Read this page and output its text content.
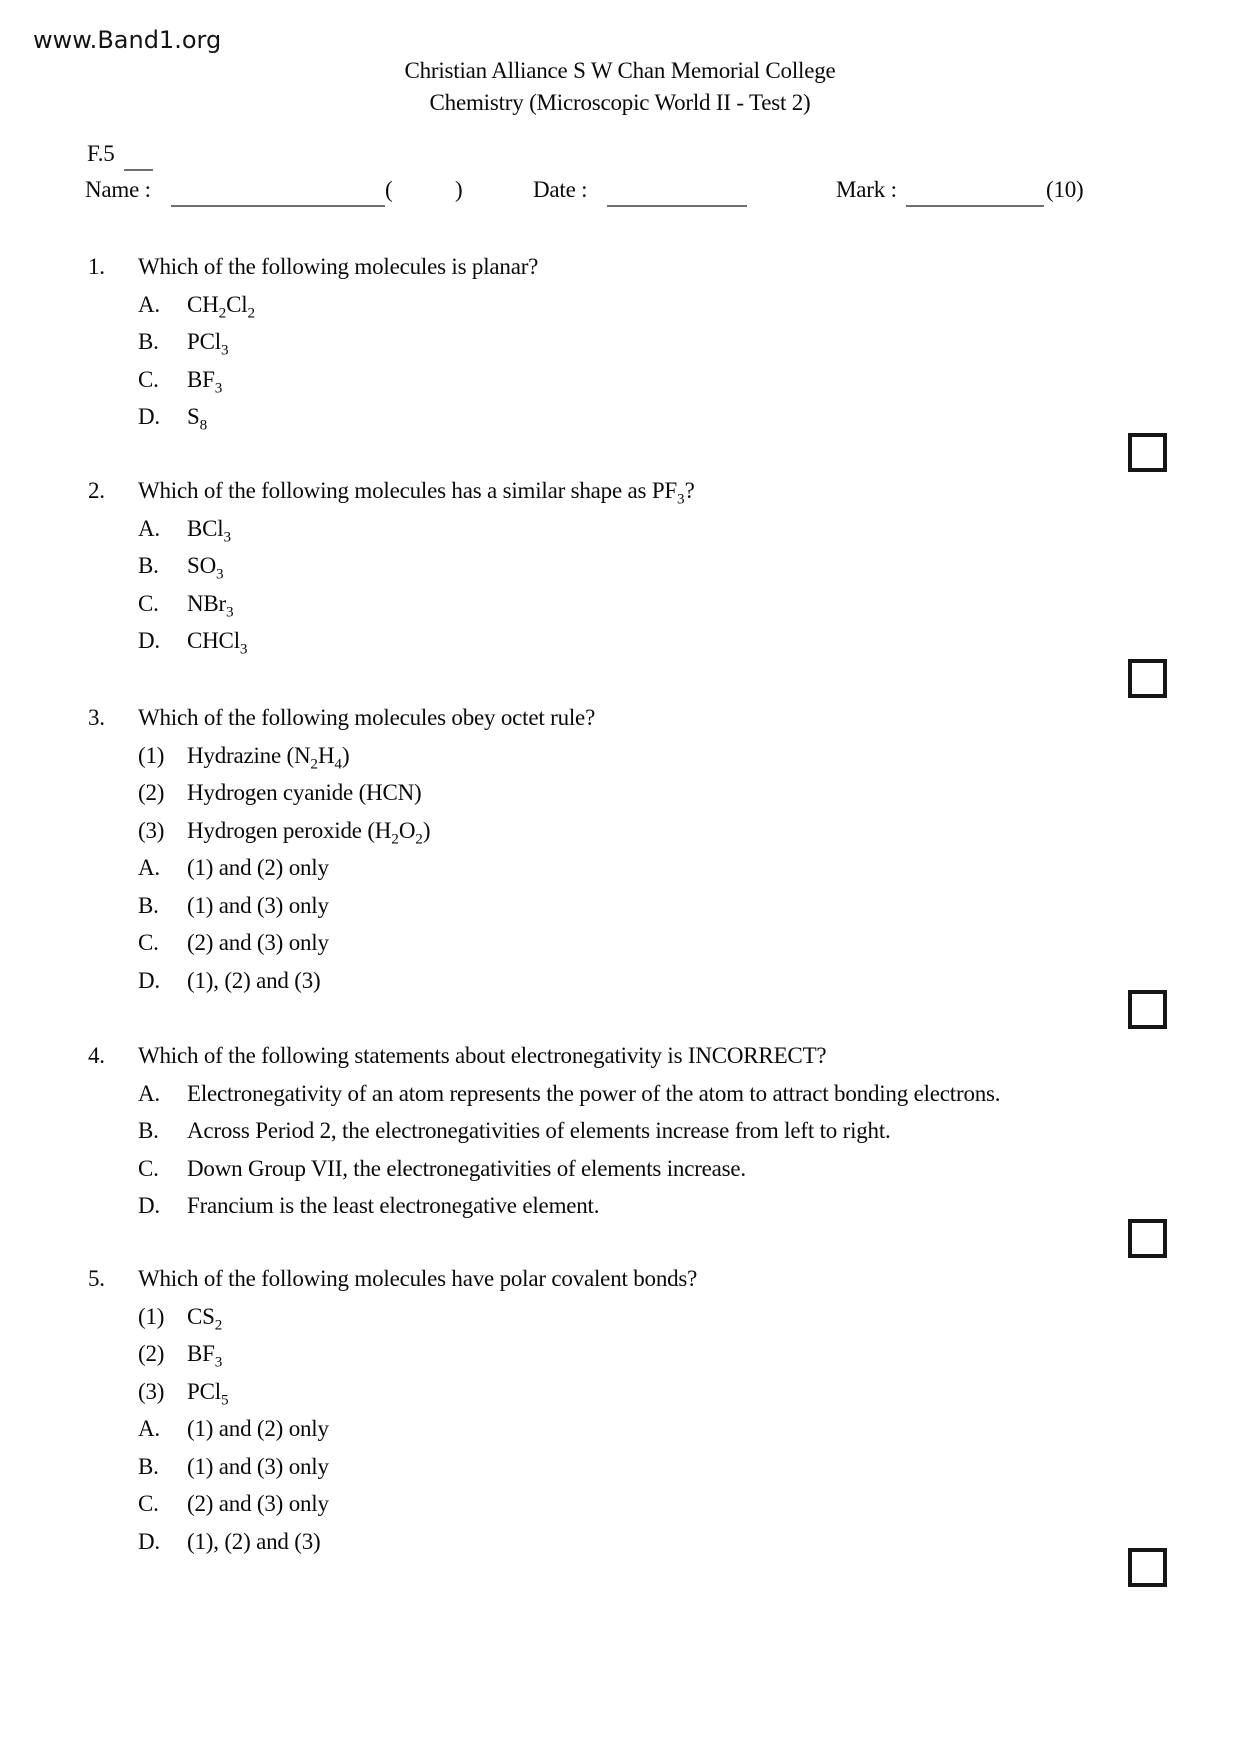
www.Band1.org
Christian Alliance S W Chan Memorial College
Chemistry (Microscopic World II - Test 2)
F.5
Name :	(	)	Date :	Mark :	(10)
1.	Which of the following molecules is planar?
A.	$CH_2Cl_2$
B.	PCl$_3$
C.	$BF_3$
D.	$S_8$
2.	Which of the following molecules has a similar shape as $PF_3$?
A.	BCl$_3$
B.	$SO_3$
C.	NBr$_3$
D.	CHCl$_3$
3.	Which of the following molecules obey octet rule?
(1) Hydrazine $(N_2H_4)$
(2) Hydrogen cyanide (HCN)
(3) Hydrogen peroxide $(H_2O_2)$
A.	(1) and (2) only
B.	(1) and (3) only
C.	(2) and (3) only
D.	(1), (2) and (3)
4.	Which of the following statements about electronegativity is INCORRECT?
A.	Electronegativity of an atom represents the power of the atom to attract bonding electrons.
B.	Across Period 2, the electronegativities of elements increase from left to right.
C.	Down Group VII, the electronegativities of elements increase.
D.	Francium is the least electronegative element.
5.	Which of the following molecules have polar covalent bonds?
(1) $CS_2$
(2) $BF_3$
(3) PCl$_5$
A.	(1) and (2) only
B.	(1) and (3) only
C.	(2) and (3) only
D.	(1), (2) and (3)
